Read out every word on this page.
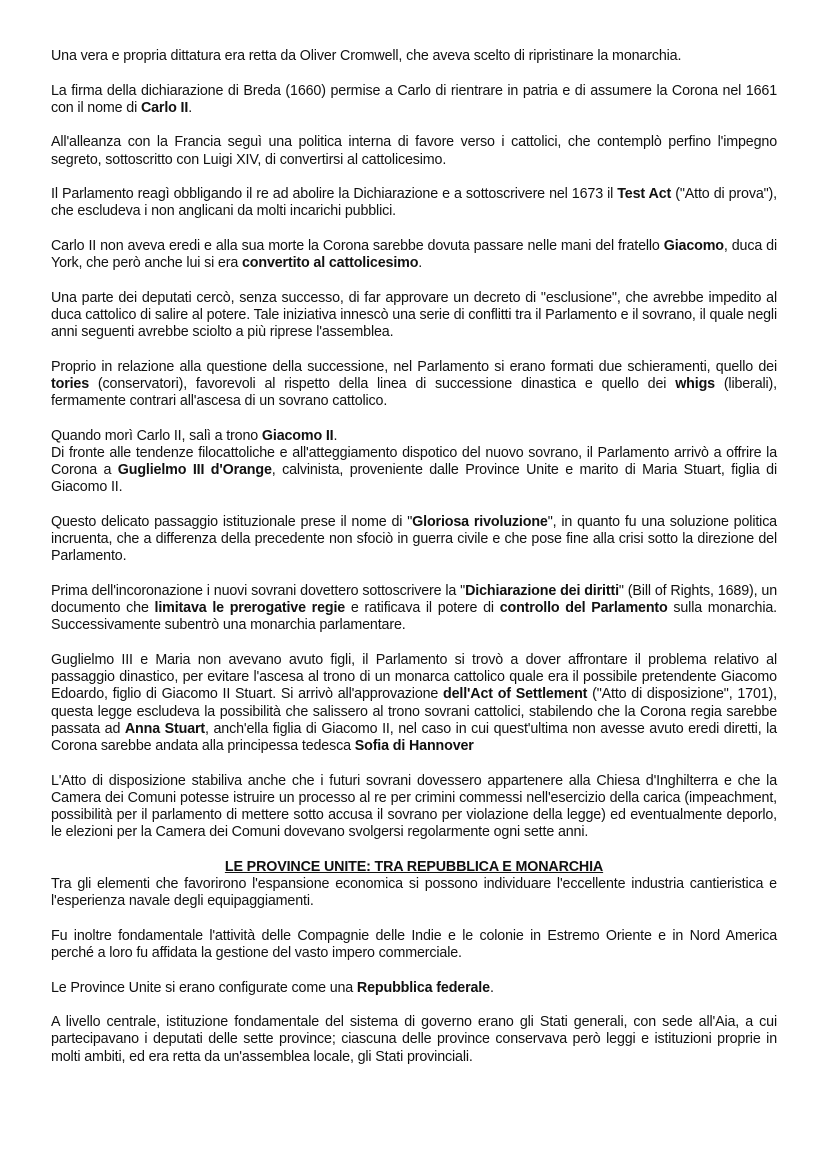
Una vera e propria dittatura era retta da Oliver Cromwell, che aveva scelto di ripristinare la monarchia.

La firma della dichiarazione di Breda (1660) permise a Carlo di rientrare in patria e di assumere la Corona nel 1661 con il nome di Carlo II.

All'alleanza con la Francia seguì una politica interna di favore verso i cattolici, che contemplò perfino l'impegno segreto, sottoscritto con Luigi XIV, di convertirsi al cattolicesimo.

Il Parlamento reagì obbligando il re ad abolire la Dichiarazione e a sottoscrivere nel 1673 il Test Act ("Atto di prova"), che escludeva i non anglicani da molti incarichi pubblici.

Carlo II non aveva eredi e alla sua morte la Corona sarebbe dovuta passare nelle mani del fratello Giacomo, duca di York, che però anche lui si era convertito al cattolicesimo.

Una parte dei deputati cercò, senza successo, di far approvare un decreto di "esclusione", che avrebbe impedito al duca cattolico di salire al potere. Tale iniziativa innescò una serie di conflitti tra il Parlamento e il sovrano, il quale negli anni seguenti avrebbe sciolto a più riprese l'assemblea.

Proprio in relazione alla questione della successione, nel Parlamento si erano formati due schieramenti, quello dei tories (conservatori), favorevoli al rispetto della linea di successione dinastica e quello dei whigs (liberali), fermamente contrari all'ascesa di un sovrano cattolico.

Quando morì Carlo II, salì a trono Giacomo II.
Di fronte alle tendenze filocattoliche e all'atteggiamento dispotico del nuovo sovrano, il Parlamento arrivò a offrire la Corona a Guglielmo III d'Orange, calvinista, proveniente dalle Province Unite e marito di Maria Stuart, figlia di Giacomo II.

Questo delicato passaggio istituzionale prese il nome di "Gloriosa rivoluzione", in quanto fu una soluzione politica incruenta, che a differenza della precedente non sfociò in guerra civile e che pose fine alla crisi sotto la direzione del Parlamento.

Prima dell'incoronazione i nuovi sovrani dovettero sottoscrivere la "Dichiarazione dei diritti" (Bill of Rights, 1689), un documento che limitava le prerogative regie e ratificava il potere di controllo del Parlamento sulla monarchia. Successivamente subentrò una monarchia parlamentare.

Guglielmo III e Maria non avevano avuto figli, il Parlamento si trovò a dover affrontare il problema relativo al passaggio dinastico, per evitare l'ascesa al trono di un monarca cattolico quale era il possibile pretendente Giacomo Edoardo, figlio di Giacomo II Stuart. Si arrivò all'approvazione dell'Act of Settlement ("Atto di disposizione", 1701), questa legge escludeva la possibilità che salissero al trono sovrani cattolici, stabilendo che la Corona regia sarebbe passata ad Anna Stuart, anch'ella figlia di Giacomo II, nel caso in cui quest'ultima non avesse avuto eredi diretti, la Corona sarebbe andata alla principessa tedesca Sofia di Hannover

L'Atto di disposizione stabiliva anche che i futuri sovrani dovessero appartenere alla Chiesa d'Inghilterra e che la Camera dei Comuni potesse istruire un processo al re per crimini commessi nell'esercizio della carica (impeachment, possibilità per il parlamento di mettere sotto accusa il sovrano per violazione della legge) ed eventualmente deporlo, le elezioni per la Camera dei Comuni dovevano svolgersi regolarmente ogni sette anni.

LE PROVINCE UNITE: TRA REPUBBLICA E MONARCHIA

Tra gli elementi che favorirono l'espansione economica si possono individuare l'eccellente industria cantieristica e l'esperienza navale degli equipaggiamenti.

Fu inoltre fondamentale l'attività delle Compagnie delle Indie e le colonie in Estremo Oriente e in Nord America perché a loro fu affidata la gestione del vasto impero commerciale.

Le Province Unite si erano configurate come una Repubblica federale.

A livello centrale, istituzione fondamentale del sistema di governo erano gli Stati generali, con sede all'Aia, a cui partecipavano i deputati delle sette province; ciascuna delle province conservava però leggi e istituzioni proprie in molti ambiti, ed era retta da un'assemblea locale, gli Stati provinciali.
